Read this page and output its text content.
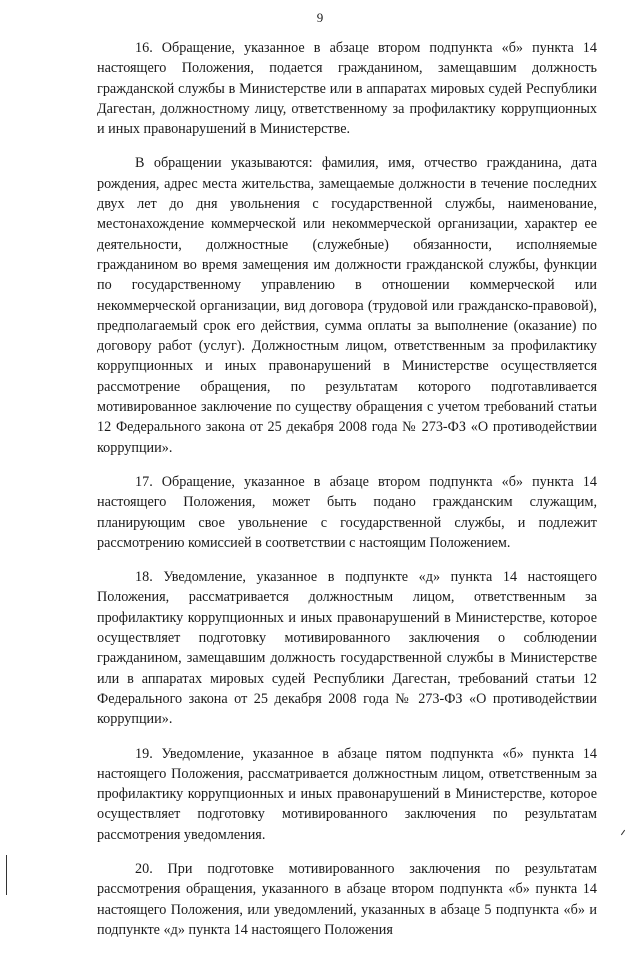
9

16. Обращение, указанное в абзаце втором подпункта «б» пункта 14 настоящего Положения, подается гражданином, замещавшим должность гражданской службы в Министерстве или в аппаратах мировых судей Республики Дагестан, должностному лицу, ответственному за профилактику коррупционных и иных правонарушений в Министерстве.

В обращении указываются: фамилия, имя, отчество гражданина, дата рождения, адрес места жительства, замещаемые должности в течение последних двух лет до дня увольнения с государственной службы, наименование, местонахождение коммерческой или некоммерческой организации, характер ее деятельности, должностные (служебные) обязанности, исполняемые гражданином во время замещения им должности гражданской службы, функции по государственному управлению в отношении коммерческой или некоммерческой организации, вид договора (трудовой или гражданско-правовой), предполагаемый срок его действия, сумма оплаты за выполнение (оказание) по договору работ (услуг). Должностным лицом, ответственным за профилактику коррупционных и иных правонарушений в Министерстве осуществляется рассмотрение обращения, по результатам которого подготавливается мотивированное заключение по существу обращения с учетом требований статьи 12 Федерального закона от 25 декабря 2008 года № 273-ФЗ «О противодействии коррупции».

17. Обращение, указанное в абзаце втором подпункта «б» пункта 14 настоящего Положения, может быть подано гражданским служащим, планирующим свое увольнение с государственной службы, и подлежит рассмотрению комиссией в соответствии с настоящим Положением.

18. Уведомление, указанное в подпункте «д» пункта 14 настоящего Положения, рассматривается должностным лицом, ответственным за профилактику коррупционных и иных правонарушений в Министерстве, которое осуществляет подготовку мотивированного заключения о соблюдении гражданином, замещавшим должность государственной службы в Министерстве или в аппаратах мировых судей Республики Дагестан, требований статьи 12 Федерального закона от 25 декабря 2008 года № 273-ФЗ «О противодействии коррупции».

19. Уведомление, указанное в абзаце пятом подпункта «б» пункта 14 настоящего Положения, рассматривается должностным лицом, ответственным за профилактику коррупционных и иных правонарушений в Министерстве, которое осуществляет подготовку мотивированного заключения по результатам рассмотрения уведомления.

20. При подготовке мотивированного заключения по результатам рассмотрения обращения, указанного в абзаце втором подпункта «б» пункта 14 настоящего Положения, или уведомлений, указанных в абзаце 5 подпункта «б» и подпункте «д» пункта 14 настоящего Положения
